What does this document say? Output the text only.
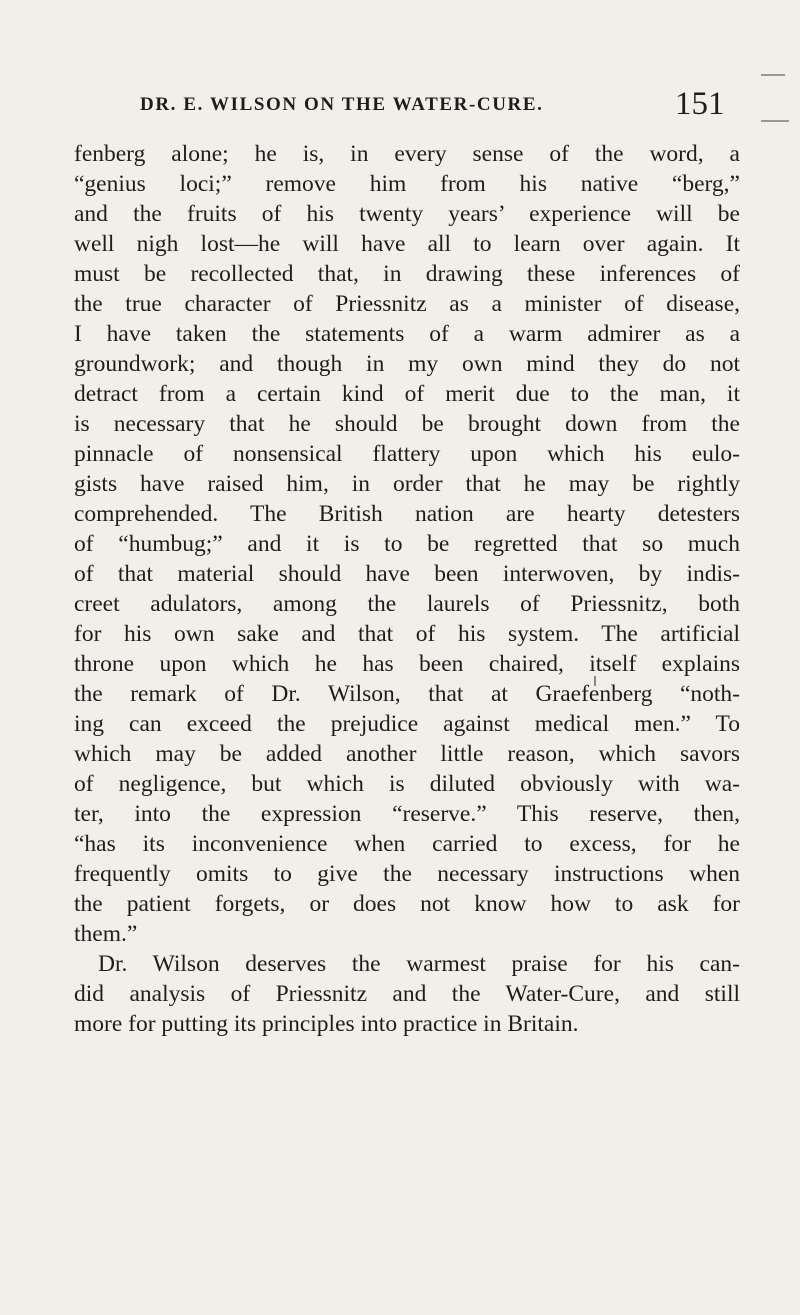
DR. E. WILSON ON THE WATER-CURE.	151
fenberg alone; he is, in every sense of the word, a
“genius loci;” remove him from his native “berg,”
and the fruits of his twenty years’ experience will be
well nigh lost—he will have all to learn over again. It
must be recollected that, in drawing these inferences of
the true character of Priessnitz as a minister of disease,
I have taken the statements of a warm admirer as a
groundwork; and though in my own mind they do not
detract from a certain kind of merit due to the man, it
is necessary that he should be brought down from the
pinnacle of nonsensical flattery upon which his eulo-
gists have raised him, in order that he may be rightly
comprehended. The British nation are hearty detesters
of “humbug;” and it is to be regretted that so much
of that material should have been interwoven, by indis-
creet adulators, among the laurels of Priessnitz, both
for his own sake and that of his system. The artificial
throne upon which he has been chaired, itself explains
the remark of Dr. Wilson, that at Graefenberg “noth-
ing can exceed the prejudice against medical men.” To
which may be added another little reason, which savors
of negligence, but which is diluted obviously with wa-
ter, into the expression “reserve.” This reserve, then,
“has its inconvenience when carried to excess, for he
frequently omits to give the necessary instructions when
the patient forgets, or does not know how to ask for
them.”
Dr. Wilson deserves the warmest praise for his can-
did analysis of Priessnitz and the Water-Cure, and still
more for putting its principles into practice in Britain.
